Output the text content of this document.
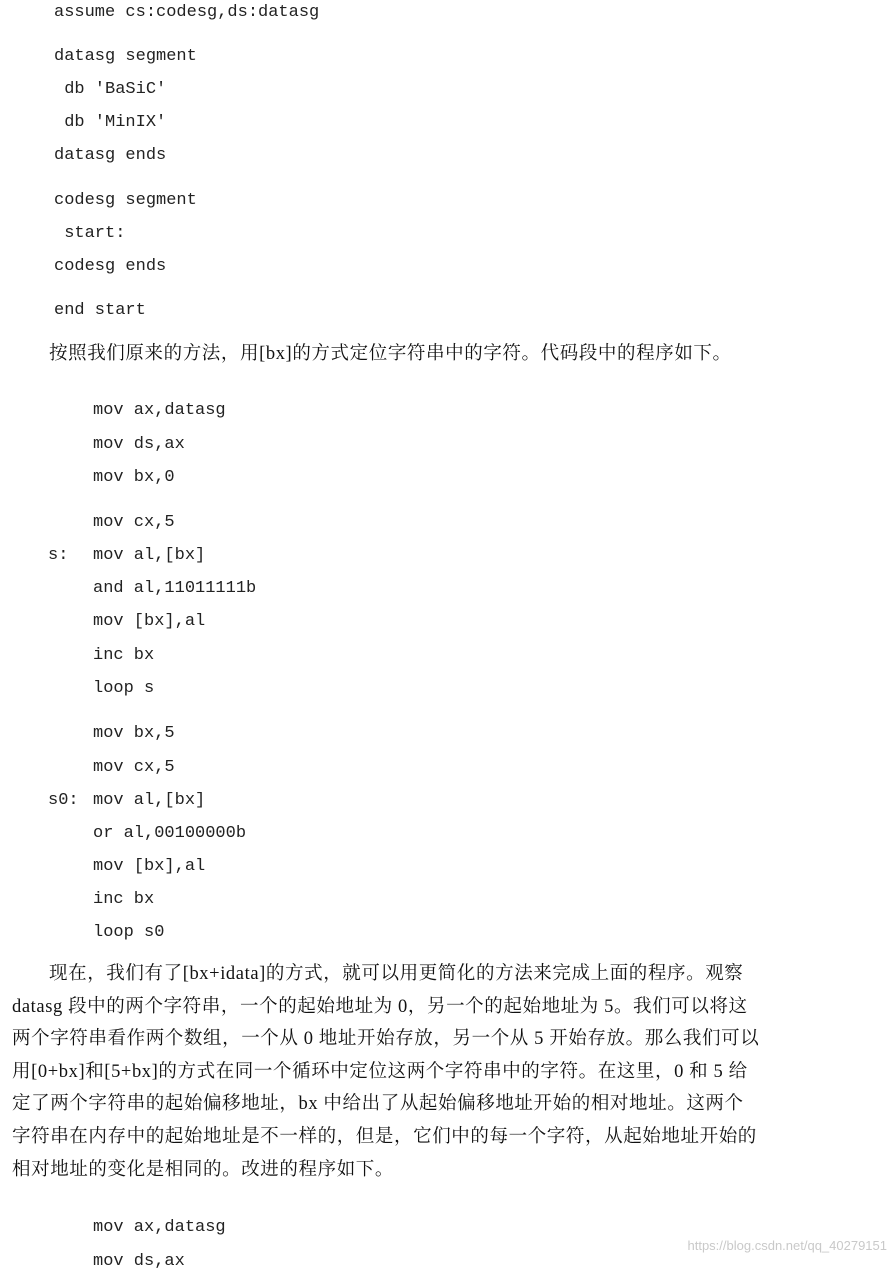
assume cs:codesg,ds:datasg
datasg segment
db 'BaSiC'
db 'MinIX'
datasg ends
codesg segment
start:
codesg ends
end start
按照我们原来的方法，用[bx]的方式定位字符串中的字符。代码段中的程序如下。
mov ax,datasg
mov ds,ax
mov bx,0
mov cx,5
s: mov al,[bx]
and al,11011111b
mov [bx],al
inc bx
loop s
mov bx,5
mov cx,5
s0: mov al,[bx]
or al,00100000b
mov [bx],al
inc bx
loop s0
现在，我们有了[bx+idata]的方式，就可以用更简化的方法来完成上面的程序。观察
datasg 段中的两个字符串，一个的起始地址为 0，另一个的起始地址为 5。我们可以将这
两个字符串看作两个数组，一个从 0 地址开始存放，另一个从 5 开始存放。那么我们可以
用[0+bx]和[5+bx]的方式在同一个循环中定位这两个字符串中的字符。在这里，0 和 5 给
定了两个字符串的起始偏移地址，bx 中给出了从起始偏移地址开始的相对地址。这两个
字符串在内存中的起始地址是不一样的，但是，它们中的每一个字符，从起始地址开始的
相对地址的变化是相同的。改进的程序如下。
mov ax,datasg
mov ds,ax
https://blog.csdn.net/qq_40279151
